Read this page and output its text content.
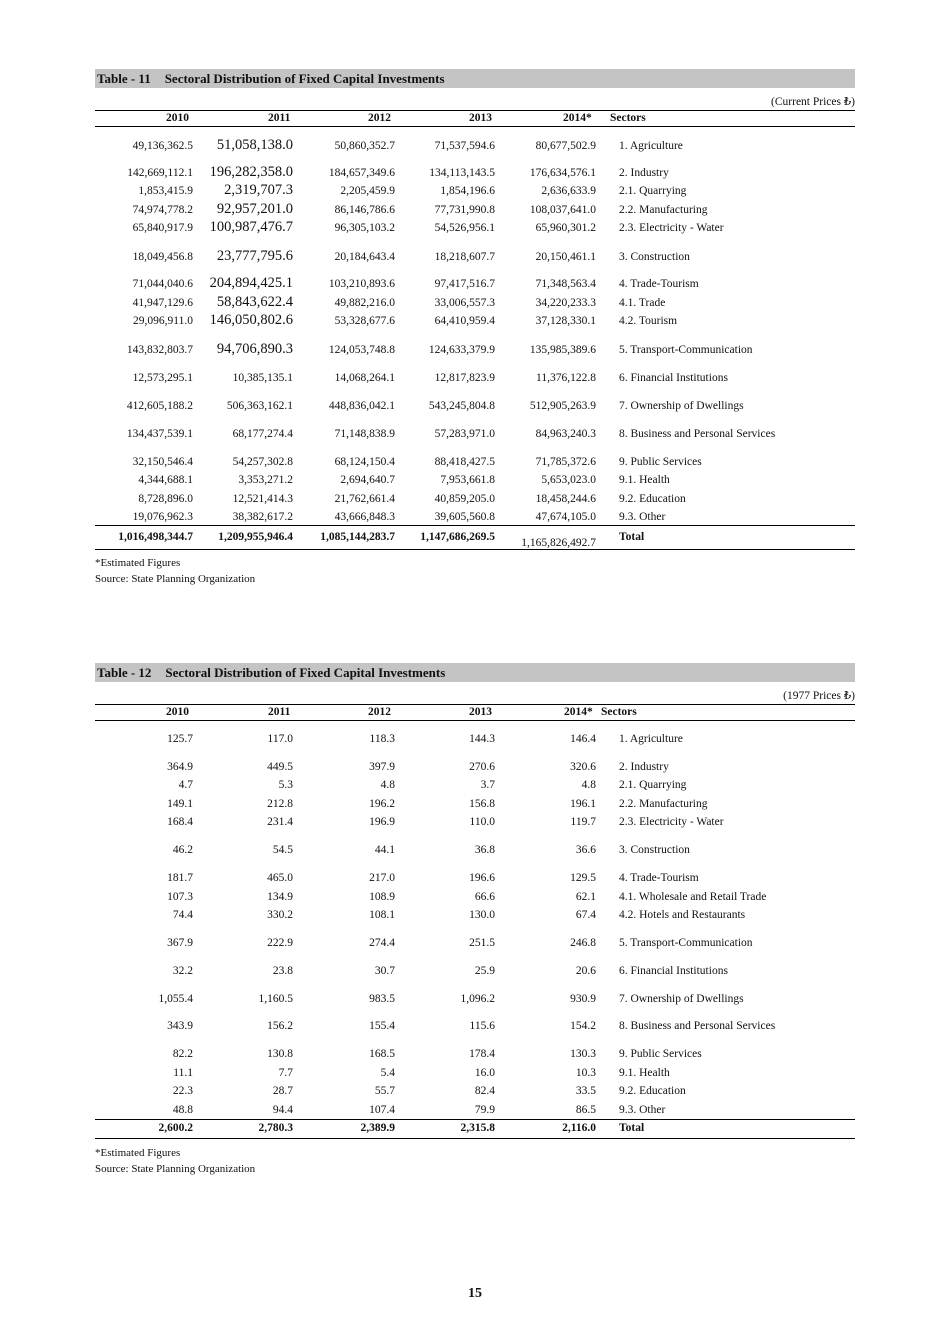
Table - 11 Sectoral Distribution of Fixed Capital Investments
(Current Prices ₺)
2010	2011	2012	2013	2014* Sectors
49,136,362.5	51,058,138.0	50,860,352.7	71,537,594.6	80,677,502.9 1. Agriculture
142,669,112.1	196,282,358.0	184,657,349.6	134,113,143.5	176,634,576.1 2. Industry
1,853,415.9	2,319,707.3	2,205,459.9	1,854,196.6	2,636,633.9 2.1. Quarrying
74,974,778.2	92,957,201.0	86,146,786.6	77,731,990.8	108,037,641.0 2.2. Manufacturing
65,840,917.9	100,987,476.7	96,305,103.2	54,526,956.1	65,960,301.2 2.3. Electricity - Water
18,049,456.8	23,777,795.6	20,184,643.4	18,218,607.7	20,150,461.1 3. Construction
71,044,040.6	204,894,425.1	103,210,893.6	97,417,516.7	71,348,563.4 4. Trade-Tourism
41,947,129.6	58,843,622.4	49,882,216.0	33,006,557.3	34,220,233.3 4.1. Trade
29,096,911.0	146,050,802.6	53,328,677.6	64,410,959.4	37,128,330.1 4.2. Tourism
143,832,803.7	94,706,890.3	124,053,748.8	124,633,379.9	135,985,389.6 5. Transport-Communication
12,573,295.1	10,385,135.1	14,068,264.1	12,817,823.9	11,376,122.8 6. Financial Institutions
412,605,188.2	506,363,162.1	448,836,042.1	543,245,804.8	512,905,263.9 7. Ownership of Dwellings
134,437,539.1	68,177,274.4	71,148,838.9	57,283,971.0	84,963,240.3 8. Business and Personal Services
32,150,546.4	54,257,302.8	68,124,150.4	88,418,427.5	71,785,372.6 9. Public Services
4,344,688.1	3,353,271.2	2,694,640.7	7,953,661.8	5,653,023.0 9.1. Health
8,728,896.0	12,521,414.3	21,762,661.4	40,859,205.0	18,458,244.6 9.2. Education
19,076,962.3	38,382,617.2	43,666,848.3	39,605,560.8	47,674,105.0 9.3. Other
1,016,498,344.7	1,209,955,946.4	1,085,144,283.7	1,147,686,269.5	1,165,826,492.7 Total
*Estimated Figures
Source: State Planning Organization
Table - 12 Sectoral Distribution of Fixed Capital Investments
(1977 Prices ₺)
2010	2011	2012	2013	2014* Sectors
125.7	117.0	118.3	144.3	146.4 1. Agriculture
364.9	449.5	397.9	270.6	320.6 2. Industry
4.7	5.3	4.8	3.7	4.8 2.1. Quarrying
149.1	212.8	196.2	156.8	196.1 2.2. Manufacturing
168.4	231.4	196.9	110.0	119.7 2.3. Electricity - Water
46.2	54.5	44.1	36.8	36.6 3. Construction
181.7	465.0	217.0	196.6	129.5 4. Trade-Tourism
107.3	134.9	108.9	66.6	62.1 4.1. Wholesale and Retail Trade
74.4	330.2	108.1	130.0	67.4 4.2. Hotels and Restaurants
367.9	222.9	274.4	251.5	246.8 5. Transport-Communication
32.2	23.8	30.7	25.9	20.6 6. Financial Institutions
1,055.4	1,160.5	983.5	1,096.2	930.9 7. Ownership of Dwellings
343.9	156.2	155.4	115.6	154.2 8. Business and Personal Services
82.2	130.8	168.5	178.4	130.3 9. Public Services
11.1	7.7	5.4	16.0	10.3 9.1. Health
22.3	28.7	55.7	82.4	33.5 9.2. Education
48.8	94.4	107.4	79.9	86.5 9.3. Other
2,600.2	2,780.3	2,389.9	2,315.8	2,116.0 Total
*Estimated Figures
Source: State Planning Organization
15
